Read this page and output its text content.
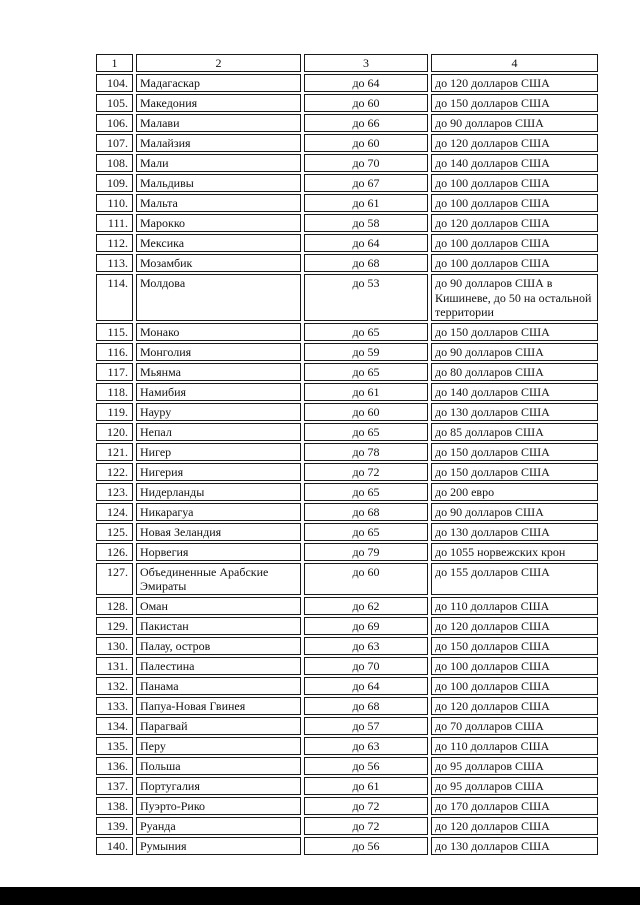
1	2	3	4
104.	Мадагаскар	до 64	до 120 долларов США
105.	Македония	до 60	до 150 долларов США
106.	Малави	до 66	до 90 долларов США
107.	Малайзия	до 60	до 120 долларов США
108.	Мали	до 70	до 140 долларов США
109.	Мальдивы	до 67	до 100 долларов США
110.	Мальта	до 61	до 100 долларов США
111.	Марокко	до 58	до 120 долларов США
112.	Мексика	до 64	до 100 долларов США
113.	Мозамбик	до 68	до 100 долларов США
114.	Молдова	до 53	до 90 долларов США в Кишиневе, до 50 на остальной территории
115.	Монако	до 65	до 150 долларов США
116.	Монголия	до 59	до 90 долларов США
117.	Мьянма	до 65	до 80 долларов США
118.	Намибия	до 61	до 140 долларов США
119.	Науру	до 60	до 130 долларов США
120.	Непал	до 65	до 85 долларов США
121.	Нигер	до 78	до 150 долларов США
122.	Нигерия	до 72	до 150 долларов США
123.	Нидерланды	до 65	до 200 евро
124.	Никарагуа	до 68	до 90 долларов США
125.	Новая Зеландия	до 65	до 130 долларов США
126.	Норвегия	до 79	до 1055 норвежских крон
127.	Объединенные Арабские Эмираты	до 60	до 155 долларов США
128.	Оман	до 62	до 110 долларов США
129.	Пакистан	до 69	до 120 долларов США
130.	Палау, остров	до 63	до 150 долларов США
131.	Палестина	до 70	до 100 долларов США
132.	Панама	до 64	до 100 долларов США
133.	Папуа-Новая Гвинея	до 68	до 120 долларов США
134.	Парагвай	до 57	до 70 долларов США
135.	Перу	до 63	до 110 долларов США
136.	Польша	до 56	до 95 долларов США
137.	Португалия	до 61	до 95 долларов США
138.	Пуэрто-Рико	до 72	до 170 долларов США
139.	Руанда	до 72	до 120 долларов США
140.	Румыния	до 56	до 130 долларов США
